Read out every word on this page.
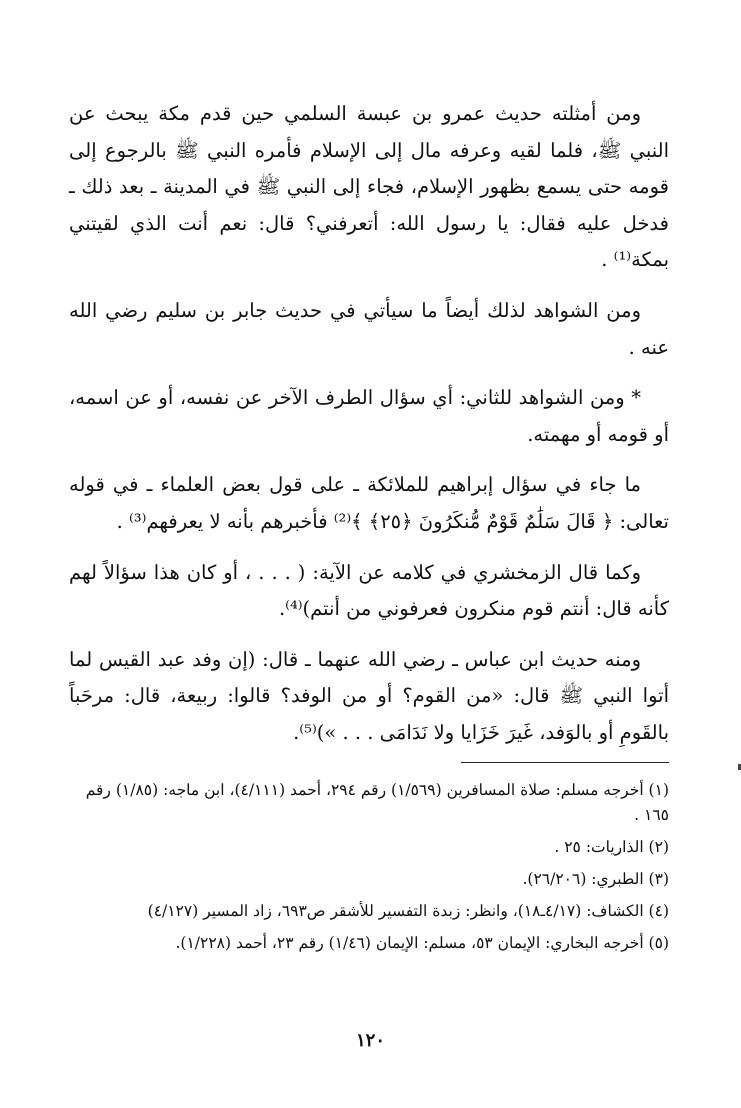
ومن أمثلته حديث عمرو بن عبسة السلمي حين قدم مكة يبحث عن النبي ﷺ، فلما لقيه وعرفه مال إلى الإسلام فأمره النبي ﷺ بالرجوع إلى قومه حتى يسمع بظهور الإسلام، فجاء إلى النبي ﷺ في المدينة ـ بعد ذلك ـ فدخل عليه فقال: يا رسول الله: أتعرفني؟ قال: نعم أنت الذي لقيتني بمكة⁽¹⁾ .

ومن الشواهد لذلك أيضاً ما سيأتي في حديث جابر بن سليم رضي الله عنه .

* ومن الشواهد للثاني: أي سؤال الطرف الآخر عن نفسه، أو عن اسمه، أو قومه أو مهمته.

ما جاء في سؤال إبراهيم للملائكة ـ على قول بعض العلماء ـ في قوله تعالى: ﴿ قَالَ سَلَٰمٌ قَوْمٌ مُّنكَرُونَ ﴿٢٥﴾ ﴾⁽²⁾ فأخبرهم بأنه لا يعرفهم⁽³⁾ .

وكما قال الزمخشري في كلامه عن الآية: ( . . . ، أو كان هذا سؤالاً لهم كأنه قال: أنتم قوم منكرون فعرفوني من أنتم)⁽⁴⁾.

ومنه حديث ابن عباس ـ رضي الله عنهما ـ قال: (إن وفد عبد القيس لما أتوا النبي ﷺ قال: «من القوم؟ أو من الوفد؟ قالوا: ربيعة، قال: مرحَباً بالقَومِ أو بالوَفد، غَيرَ خَزَايا ولا نَدَامَى . . . »)⁽⁵⁾.

(١) أخرجه مسلم: صلاة المسافرين (١/٥٦٩) رقم ٢٩٤، أحمد (٤/١١١)، ابن ماجه: (١/٨٥) رقم ١٦٥ .

(٢) الذاريات: ٢٥ .

(٣) الطبري: (٢٦/٢٠٦).

(٤) الكشاف: (٤/١٧ـ١٨)، وانظر: زبدة التفسير للأشقر ص٦٩٣، زاد المسير (٤/١٢٧)

(٥) أخرجه البخاري: الإيمان ٥٣، مسلم: الإيمان (١/٤٦) رقم ٢٣، أحمد (١/٢٢٨).

١٢٠
